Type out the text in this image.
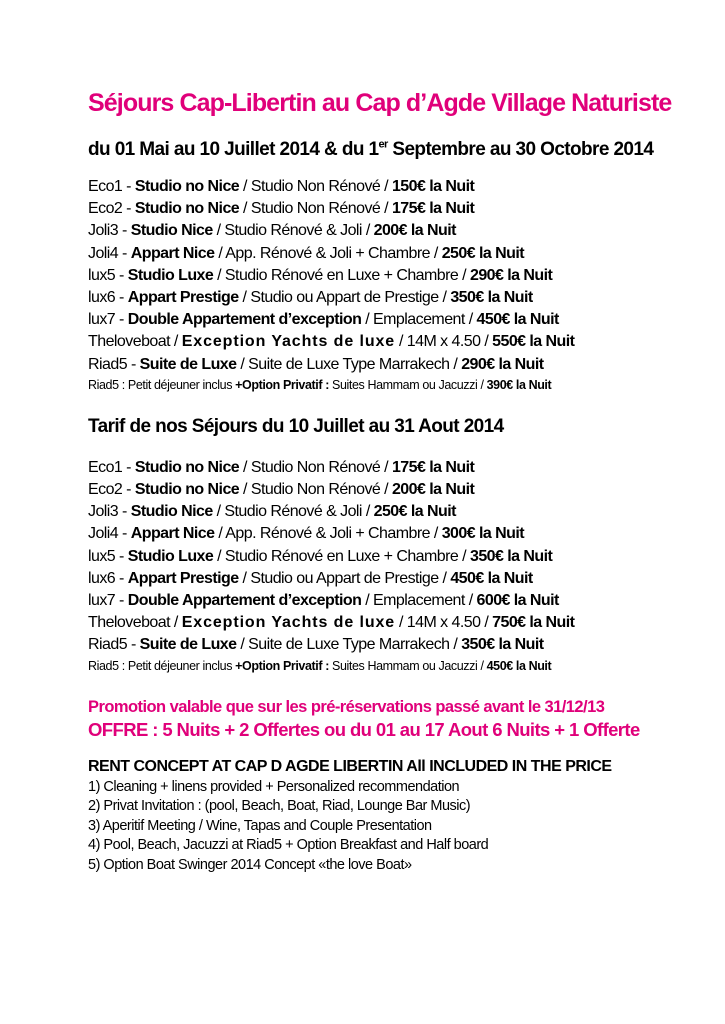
Séjours Cap-Libertin au Cap d’Agde Village Naturiste
du 01 Mai au 10 Juillet 2014 & du 1er Septembre au 30 Octobre 2014
Eco1 - Studio no Nice / Studio Non Rénové / 150€ la Nuit
Eco2 - Studio no Nice / Studio Non Rénové / 175€ la Nuit
Joli3 - Studio Nice / Studio Rénové & Joli / 200€ la Nuit
Joli4 - Appart Nice / App. Rénové & Joli + Chambre / 250€ la Nuit
lux5 - Studio Luxe / Studio Rénové en Luxe + Chambre / 290€ la Nuit
lux6 - Appart Prestige / Studio ou Appart de Prestige / 350€ la Nuit
lux7 - Double Appartement d’exception / Emplacement / 450€ la Nuit
Theloveboat / Exception Yachts de luxe / 14M x 4.50 / 550€ la Nuit
Riad5 - Suite de Luxe / Suite de Luxe Type Marrakech / 290€ la Nuit
Riad5 : Petit déjeuner inclus +Option Privatif : Suites Hammam ou Jacuzzi / 390€ la Nuit
Tarif de nos Séjours du 10 Juillet au 31 Aout 2014
Eco1 - Studio no Nice / Studio Non Rénové / 175€ la Nuit
Eco2 - Studio no Nice / Studio Non Rénové / 200€ la Nuit
Joli3 - Studio Nice / Studio Rénové & Joli / 250€ la Nuit
Joli4 - Appart Nice / App. Rénové & Joli + Chambre / 300€ la Nuit
lux5 - Studio Luxe / Studio Rénové en Luxe + Chambre / 350€ la Nuit
lux6 - Appart Prestige / Studio ou Appart de Prestige / 450€ la Nuit
lux7 - Double Appartement d’exception / Emplacement / 600€ la Nuit
Theloveboat / Exception Yachts de luxe / 14M x 4.50 / 750€ la Nuit
Riad5 - Suite de Luxe / Suite de Luxe Type Marrakech / 350€ la Nuit
Riad5 : Petit déjeuner inclus +Option Privatif : Suites Hammam ou Jacuzzi / 450€ la Nuit
Promotion valable que sur les pré-réservations passé avant le 31/12/13
OFFRE : 5 Nuits + 2 Offertes ou du 01 au 17 Aout 6 Nuits + 1 Offerte
RENT CONCEPT AT CAP D AGDE LIBERTIN All INCLUDED IN THE PRICE
1) Cleaning + linens provided + Personalized recommendation
2) Privat Invitation : (pool, Beach, Boat, Riad, Lounge Bar Music)
3) Aperitif Meeting / Wine, Tapas and Couple Presentation
4) Pool, Beach, Jacuzzi at Riad5 + Option Breakfast and Half board
5) Option Boat Swinger 2014 Concept «the love Boat»
